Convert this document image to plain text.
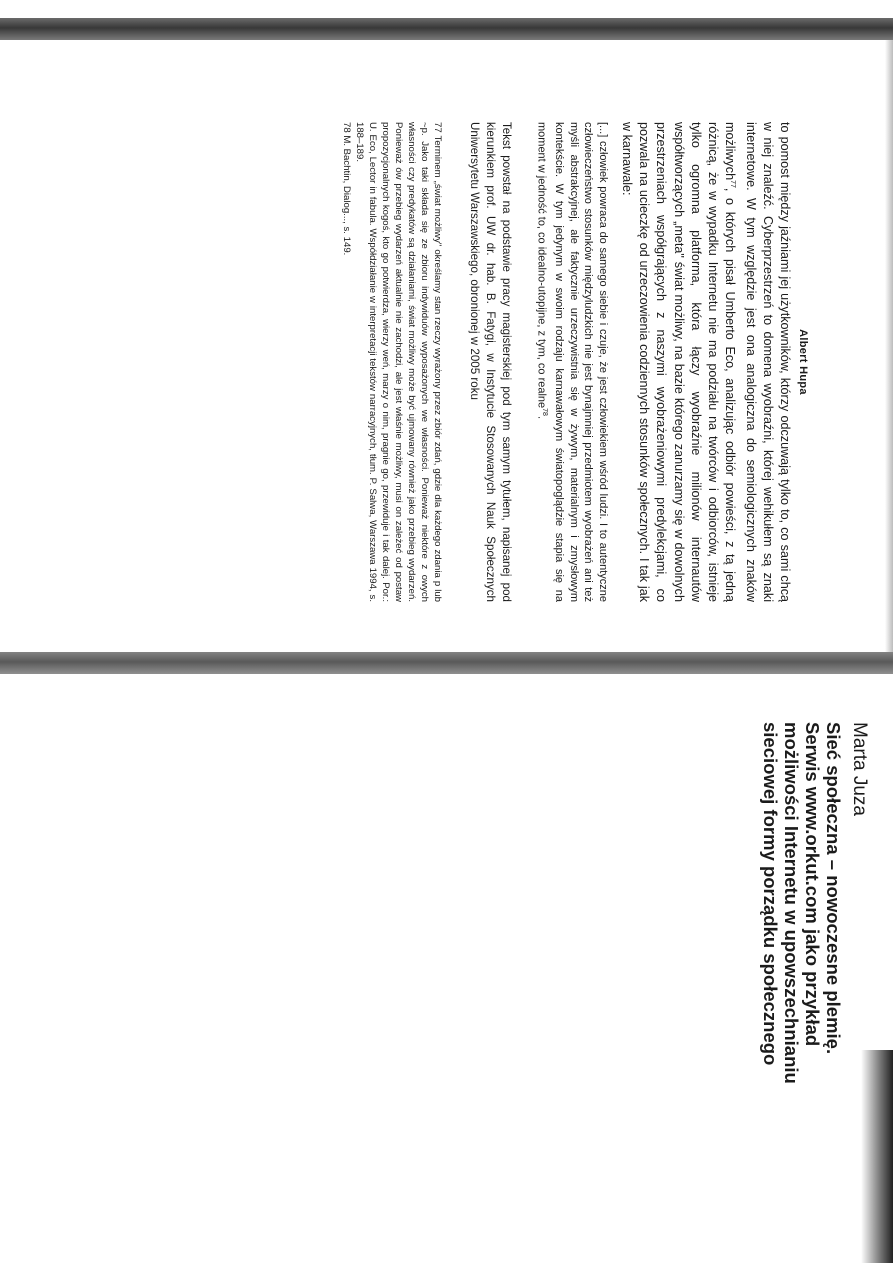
Albert Hupa

to pomost między jaźniami jej użytkowników, którzy odczuwają tylko to, co sami chcą w niej znaleźć. Cyberprzestrzeń to domena wyobraźni, której wehikułem są znaki internetowe. W tym względzie jest ona analogiczna do semiologicznych znaków możliwych$^{77}$, o których pisał Umberto Eco, analizując odbiór powieści, z tą jedną różnicą, że w wypadku Internetu nie ma podziału na twórców i odbiorców, istnieje tylko ogromna platforma, która łączy wyobraźnie milionów internautów współtworzących „meta" świat możliwy, na bazie którego zanurzamy się w dowolnych przestrzeniach współgrających z naszymi wyobrażeniowymi predylekcjami, co pozwala na ucieczkę od urzeczowienia codziennych stosunków społecznych. I tak jak w karnawale:

[...] człowiek powraca do samego siebie i czuje, że jest człowiekiem wśród ludzi. I to autentyczne człowieczeństwo stosunków międzyludzkich nie jest bynajmniej przedmiotem wyobrażeń ani też myśli abstrakcyjnej, ale faktycznie urzeczywistnia się w żywym, materialnym i zmysłowym kontekście. W tym jedynym w swoim rodzaju karnawałowym światopoglądzie stapia się na moment w jedność to, co idealno-utopijne, z tym, co realne$^{78}$.

Tekst powstał na podstawie pracy magisterskiej pod tym samym tytułem, napisanej pod kierunkiem prof. UW dr. hab. B. Fatygi, w Instytucie Stosowanych Nauk Społecznych Uniwersytetu Warszawskiego, obronionej w 2005 roku

77 Terminem „świat możliwy" określamy stan rzeczy wyrażony przez zbiór zdań, gdzie dla każdego zdania p lub ~p. Jako taki składa się ze zbioru indywiduów wyposażonych we własności. Ponieważ niektóre z owych własności czy predykatów są działaniami, świat możliwy może być ujmowany również jako przebieg wydarzeń. Ponieważ ów przebieg wydarzeń aktualnie nie zachodzi, ale jest właśnie możliwy, musi on zależeć od postaw propozycjonalnych kogoś, kto go potwierdza, wierzy weń, marzy o nim, pragnie go, przewiduje i tak dalej. Por.: U. Eco, Lector in fabula. Współdziałanie w interpretacji tekstów narracyjnych, tłum. P. Salwa, Warszawa 1994, s. 188–189.

78 M. Bachtin, Dialog..., s. 149.

Marta Juza

Sieć społeczna – nowoczesne plemię.
Serwis www.orkut.com jako przykład
możliwości Internetu w upowszechnianiu
sieciowej formy porządku społecznego
